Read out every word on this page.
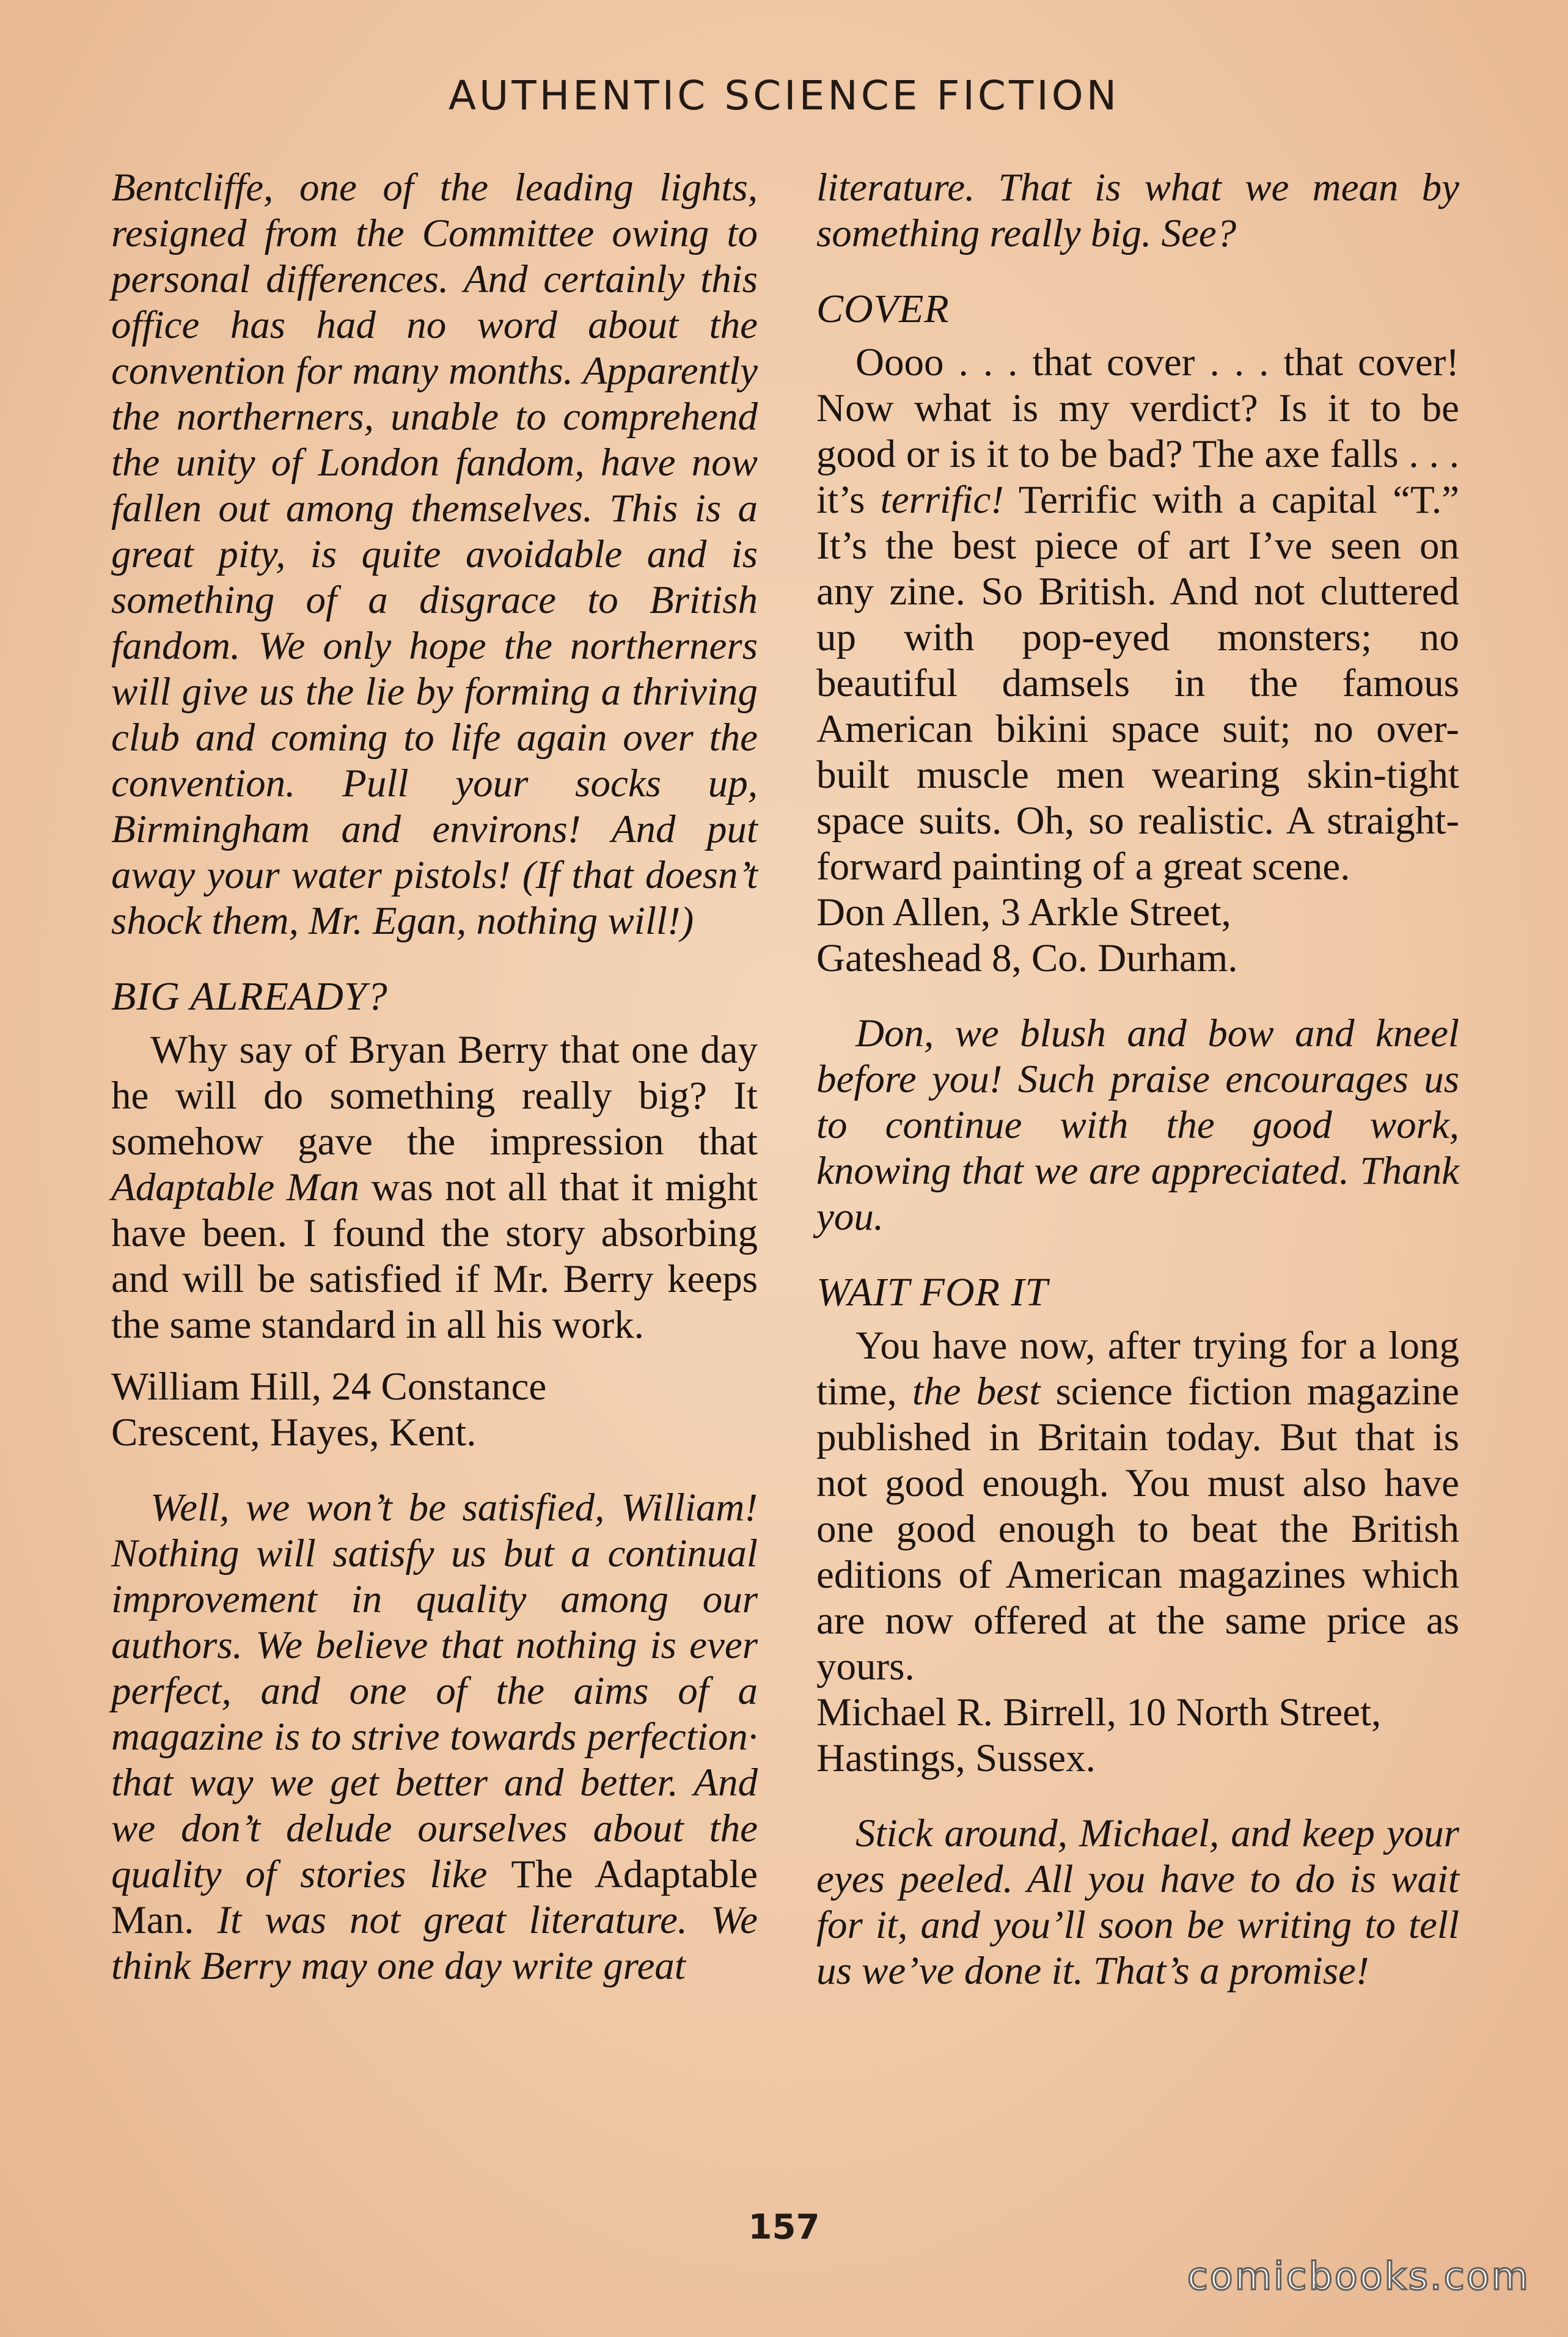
AUTHENTIC SCIENCE FICTION

Bentcliffe, one of the leading lights, resigned from the Committee owing to personal differences. And certainly this office has had no word about the convention for many months. Apparently the northerners, unable to comprehend the unity of London fandom, have now fallen out among themselves. This is a great pity, is quite avoidable and is something of a disgrace to British fandom. We only hope the northerners will give us the lie by forming a thriving club and coming to life again over the convention. Pull your socks up, Birmingham and environs! And put away your water pistols! (If that doesn’t shock them, Mr. Egan, nothing will!)

BIG ALREADY?

Why say of Bryan Berry that one day he will do something really big? It somehow gave the impression that Adaptable Man was not all that it might have been. I found the story absorbing and will be satisfied if Mr. Berry keeps the same standard in all his work.

William Hill, 24 Constance

Crescent, Hayes, Kent.

Well, we won’t be satisfied, William! Nothing will satisfy us but a continual improvement in quality among our authors. We believe that nothing is ever perfect, and one of the aims of a magazine is to strive towards perfection· that way we get better and better. And we don’t delude ourselves about the quality of stories like The Adaptable Man. It was not great literature. We think Berry may one day write great

literature. That is what we mean by something really big. See?

COVER

Oooo . . . that cover . . . that cover! Now what is my verdict? Is it to be good or is it to be bad? The axe falls . . . it’s terrific! Terrific with a capital “T.” It’s the best piece of art I’ve seen on any zine. So British. And not cluttered up with pop-eyed monsters; no beautiful damsels in the famous American bikini space suit; no over-built muscle men wearing skin-tight space suits. Oh, so realistic. A straight-forward painting of a great scene.

Don Allen, 3 Arkle Street,

Gateshead 8, Co. Durham.

Don, we blush and bow and kneel before you! Such praise encourages us to continue with the good work, knowing that we are appreciated. Thank you.

WAIT FOR IT

You have now, after trying for a long time, the best science fiction magazine published in Britain today. But that is not good enough. You must also have one good enough to beat the British editions of American magazines which are now offered at the same price as yours.

Michael R. Birrell, 10 North Street,

Hastings, Sussex.

Stick around, Michael, and keep your eyes peeled. All you have to do is wait for it, and you’ll soon be writing to tell us we’ve done it. That’s a promise!

157
comicbooks.com
